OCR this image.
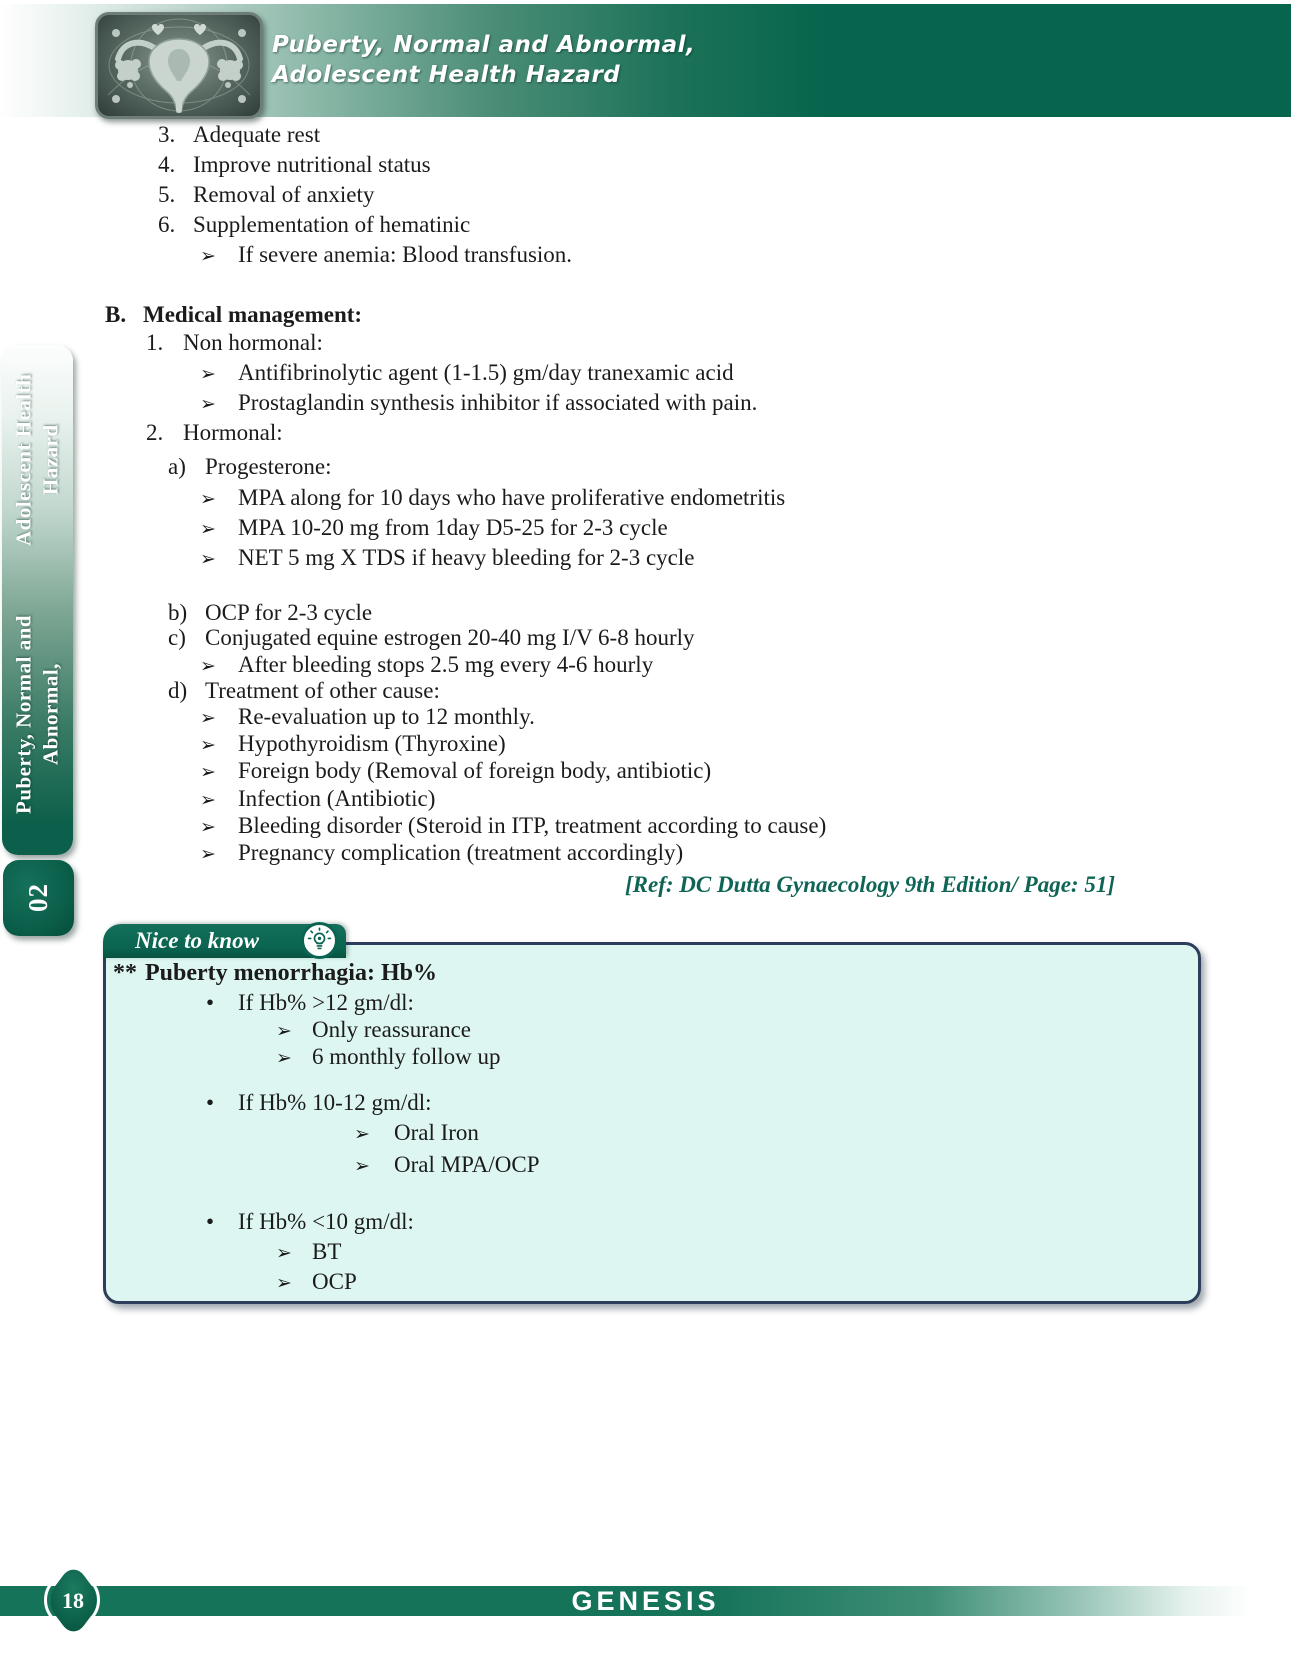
Puberty, Normal and Abnormal,
Adolescent Health Hazard
Puberty, Normal and Abnormal,
Adolescent Health Hazard
02
3. Adequate rest
4. Improve nutritional status
5. Removal of anxiety
6. Supplementation of hematinic
➢ If severe anemia: Blood transfusion.
B. Medical management:
1. Non hormonal:
➢ Antifibrinolytic agent (1-1.5) gm/day tranexamic acid
➢ Prostaglandin synthesis inhibitor if associated with pain.
2. Hormonal:
a) Progesterone:
➢ MPA along for 10 days who have proliferative endometritis
➢ MPA 10-20 mg from 1day D5-25 for 2-3 cycle
➢ NET 5 mg X TDS if heavy bleeding for 2-3 cycle
b) OCP for 2-3 cycle
c) Conjugated equine estrogen 20-40 mg I/V 6-8 hourly
➢ After bleeding stops 2.5 mg every 4-6 hourly
d) Treatment of other cause:
➢ Re-evaluation up to 12 monthly.
➢ Hypothyroidism (Thyroxine)
➢ Foreign body (Removal of foreign body, antibiotic)
➢ Infection (Antibiotic)
➢ Bleeding disorder (Steroid in ITP, treatment according to cause)
➢ Pregnancy complication (treatment accordingly)
[Ref: DC Dutta Gynaecology 9th Edition/ Page: 51]
Nice to know
** Puberty menorrhagia: Hb%
• If Hb% >12 gm/dl:
➢ Only reassurance
➢ 6 monthly follow up
• If Hb% 10-12 gm/dl:
➢ Oral Iron
➢ Oral MPA/OCP
• If Hb% <10 gm/dl:
➢ BT
➢ OCP
GENESIS
18
